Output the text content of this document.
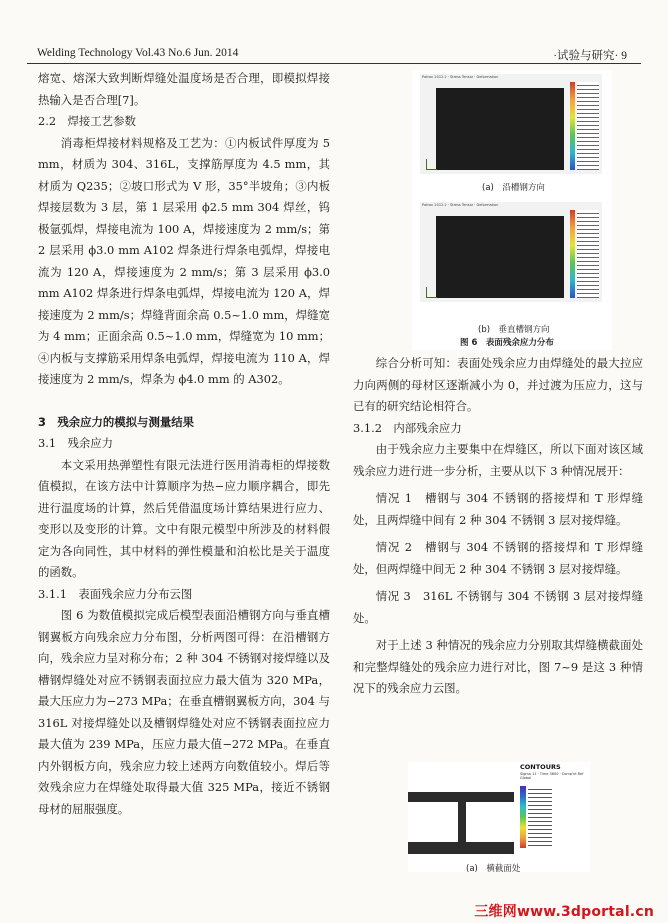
Welding Technology Vol.43 No.6 Jun. 2014	·试验与研究· 9

熔宽、熔深大致判断焊缝处温度场是否合理，即模拟焊接热输入是否合理[7]。

2.2　焊接工艺参数

消毒柜焊接材料规格及工艺为：①内板试件厚度为 5 mm，材质为 304、316L，支撑筋厚度为 4.5 mm，其材质为 Q235；②坡口形式为 V 形，35°半坡角；③内板焊接层数为 3 层，第 1 层采用 ϕ2.5 mm 304 焊丝，钨极氩弧焊，焊接电流为 100 A，焊接速度为 2 mm/s；第 2 层采用 ϕ3.0 mm A102 焊条进行焊条电弧焊，焊接电流为 120 A，焊接速度为 2 mm/s；第 3 层采用 ϕ3.0 mm A102 焊条进行焊条电弧焊，焊接电流为 120 A，焊接速度为 2 mm/s；焊缝背面余高 0.5~1.0 mm，焊缝宽为 4 mm；正面余高 0.5~1.0 mm，焊缝宽为 10 mm；④内板与支撑筋采用焊条电弧焊，焊接电流为 110 A，焊接速度为 2 mm/s，焊条为 ϕ4.0 mm 的 A302。

3　残余应力的模拟与测量结果

3.1　残余应力

本文采用热弹塑性有限元法进行医用消毒柜的焊接数值模拟，在该方法中计算顺序为热−应力顺序耦合，即先进行温度场的计算，然后凭借温度场计算结果进行应力、变形以及变形的计算。文中有限元模型中所涉及的材料假定为各向同性，其中材料的弹性模量和泊松比是关于温度的函数。

3.1.1　表面残余应力分布云图

图 6 为数值模拟完成后模型表面沿槽钢方向与垂直槽钢翼板方向残余应力分布图，分析两图可得：在沿槽钢方向，残余应力呈对称分布；2 种 304 不锈钢对接焊缝以及槽钢焊缝处对应不锈钢表面拉应力最大值为 320 MPa，最大压应力为−273 MPa；在垂直槽钢翼板方向，304 与 316L 对接焊缝处以及槽钢焊缝处对应不锈钢表面拉应力最大值为 239 MPa，压应力最大值−272 MPa。在垂直内外钢板方向，残余应力较上述两方向数值较小。焊后等效残余应力在焊缝处取得最大值 325 MPa，接近不锈钢母材的屈服强度。

Patran 2012.2 · Stress Tensor · Deformation
(a)　沿槽钢方向
Patran 2012.2 · Stress Tensor · Deformation
(b)　垂直槽钢方向
图 6　表面残余应力分布

综合分析可知：表面处残余应力由焊缝处的最大拉应力向两侧的母材区逐渐减小为 0，并过渡为压应力，这与已有的研究结论相符合。

3.1.2　内部残余应力

由于残余应力主要集中在焊缝区，所以下面对该区域残余应力进行进一步分析，主要从以下 3 种情况展开：

情况 1　槽钢与 304 不锈钢的搭接焊和 T 形焊缝处，且两焊缝中间有 2 种 304 不锈钢 3 层对接焊缝。

情况 2　槽钢与 304 不锈钢的搭接焊和 T 形焊缝处，但两焊缝中间无 2 种 304 不锈钢 3 层对接焊缝。

情况 3　316L 不锈钢与 304 不锈钢 3 层对接焊缝处。

对于上述 3 种情况的残余应力分别取其焊缝横截面处和完整焊缝处的残余应力进行对比，图 7~9 是这 3 种情况下的残余应力云图。

CONTOURS
Sigma 11 · Time 3600 · Comp'nt Ref Global
(a)　横截面处
三维网www.3dportal.cn
